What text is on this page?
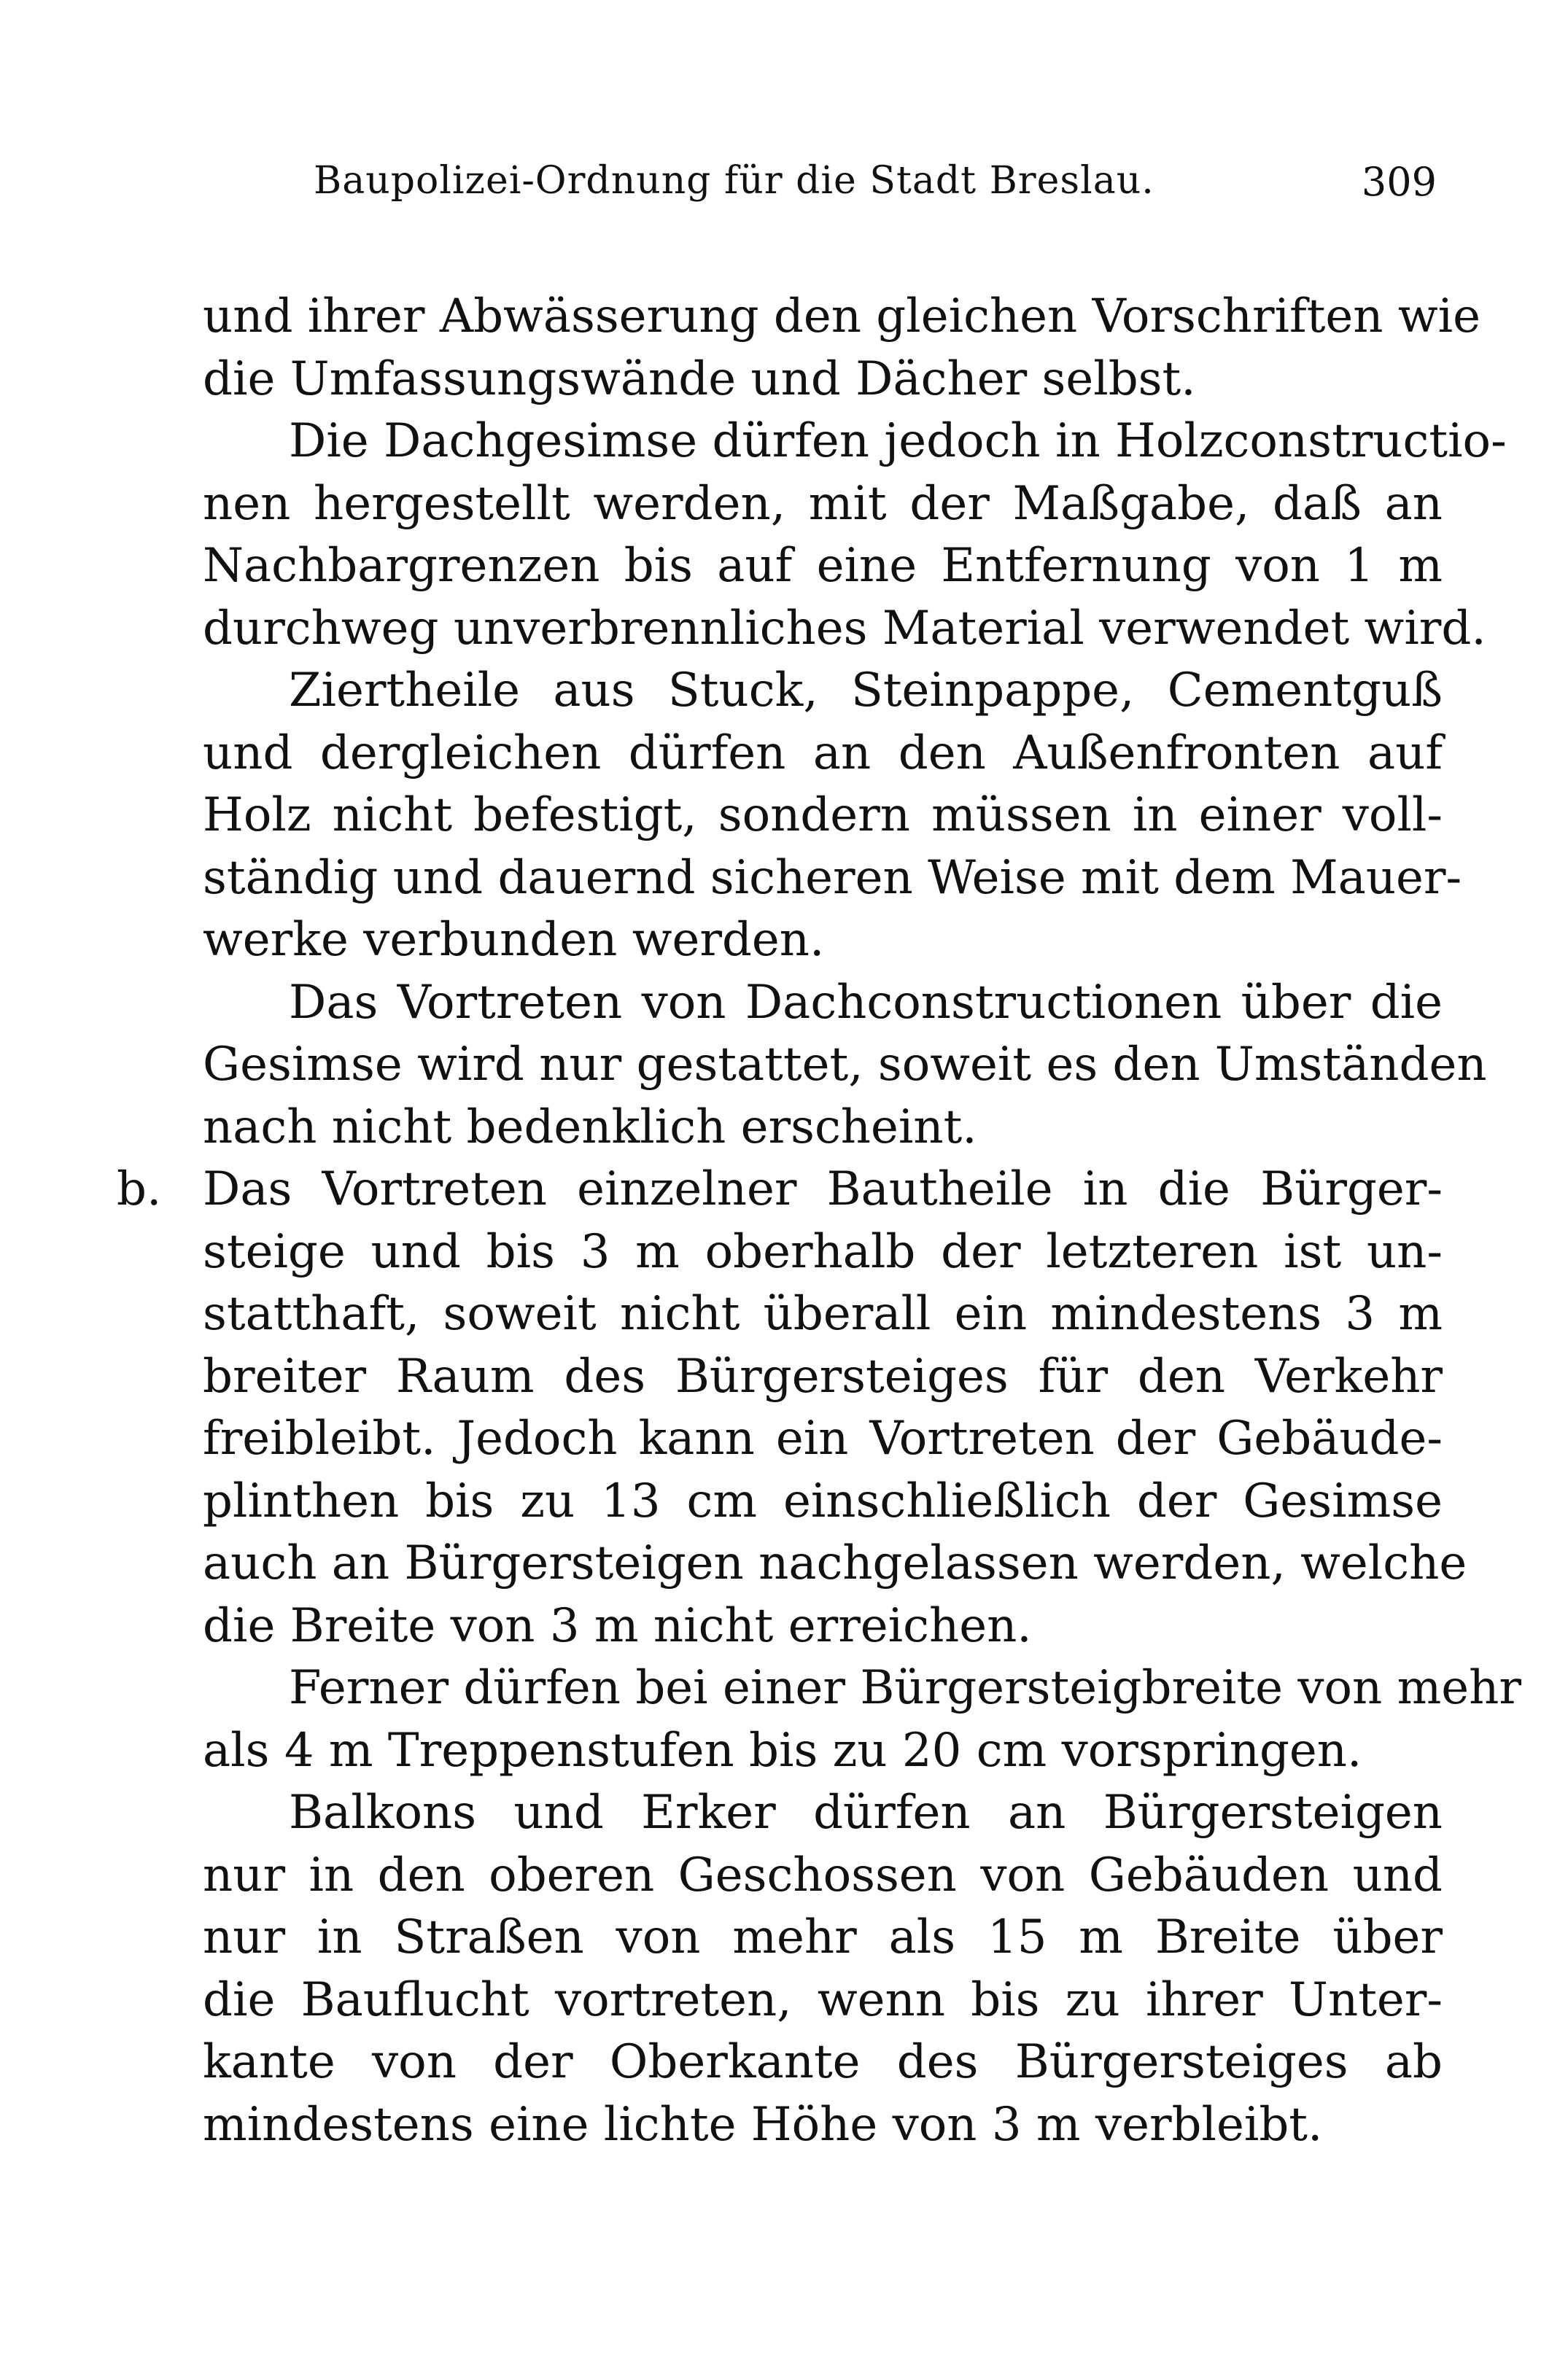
Baupolizei-Ordnung für die Stadt Breslau.	309
und ihrer Abwässerung den gleichen Vorschriften wie
die Umfassungswände und Dächer selbst.
Die Dachgesimse dürfen jedoch in Holzconstructio-
nen hergestellt werden, mit der Maßgabe, daß an
Nachbargrenzen bis auf eine Entfernung von 1 m
durchweg unverbrennliches Material verwendet wird.
Ziertheile aus Stuck, Steinpappe, Cementguß
und dergleichen dürfen an den Außenfronten auf
Holz nicht befestigt, sondern müssen in einer voll-
ständig und dauernd sicheren Weise mit dem Mauer-
werke verbunden werden.
Das Vortreten von Dachconstructionen über die
Gesimse wird nur gestattet, soweit es den Umständen
nach nicht bedenklich erscheint.
b. Das Vortreten einzelner Bautheile in die Bürger-
steige und bis 3 m oberhalb der letzteren ist un-
statthaft, soweit nicht überall ein mindestens 3 m
breiter Raum des Bürgersteiges für den Verkehr
freibleibt. Jedoch kann ein Vortreten der Gebäude-
plinthen bis zu 13 cm einschließlich der Gesimse
auch an Bürgersteigen nachgelassen werden, welche
die Breite von 3 m nicht erreichen.
Ferner dürfen bei einer Bürgersteigbreite von mehr
als 4 m Treppenstufen bis zu 20 cm vorspringen.
Balkons und Erker dürfen an Bürgersteigen
nur in den oberen Geschossen von Gebäuden und
nur in Straßen von mehr als 15 m Breite über
die Bauflucht vortreten, wenn bis zu ihrer Unter-
kante von der Oberkante des Bürgersteiges ab
mindestens eine lichte Höhe von 3 m verbleibt.
